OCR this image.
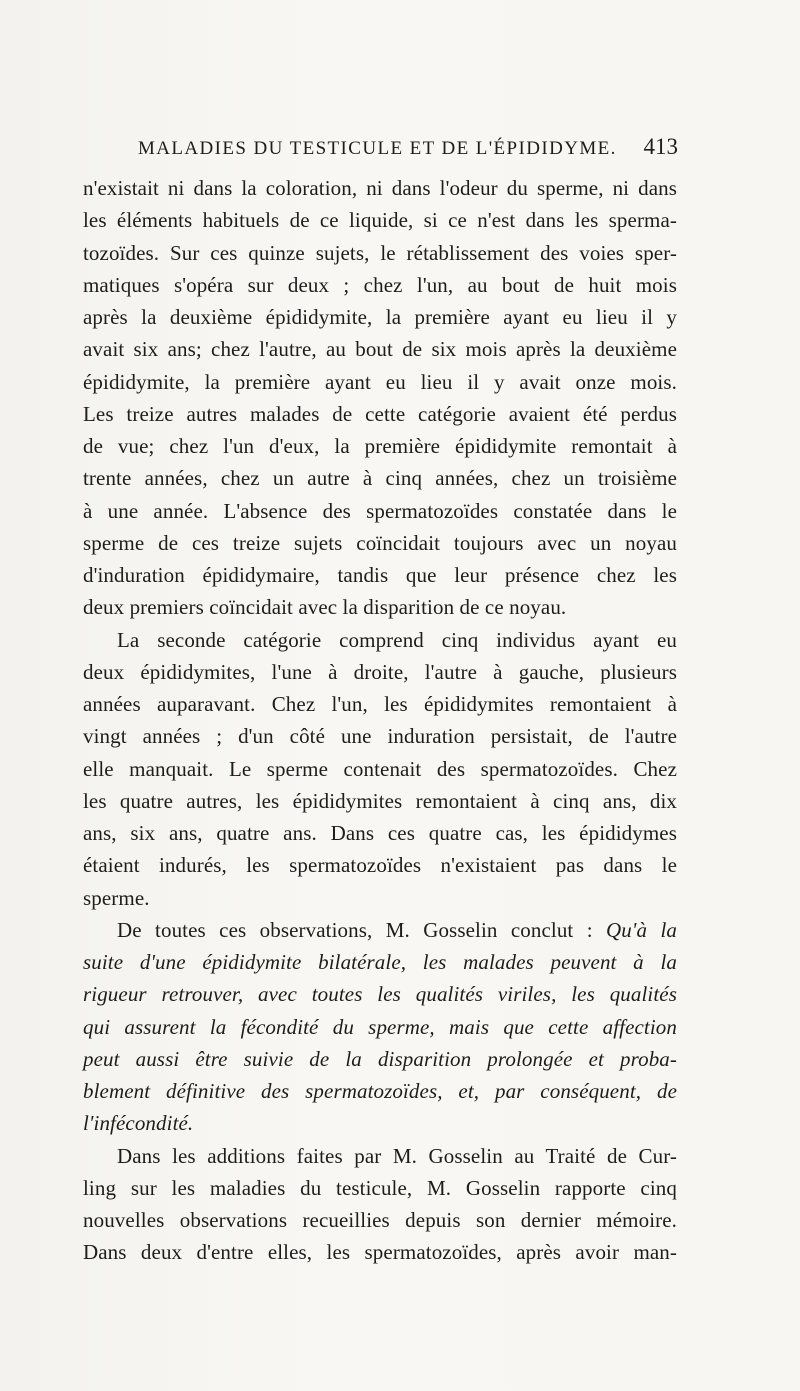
MALADIES DU TESTICULE ET DE L'ÉPIDIDYME. 413
n'existait ni dans la coloration, ni dans l'odeur du sperme, ni dans
les éléments habituels de ce liquide, si ce n'est dans les sperma-
tozoïdes. Sur ces quinze sujets, le rétablissement des voies sper-
matiques s'opéra sur deux ; chez l'un, au bout de huit mois
après la deuxième épididymite, la première ayant eu lieu il y
avait six ans; chez l'autre, au bout de six mois après la deuxième
épididymite, la première ayant eu lieu il y avait onze mois.
Les treize autres malades de cette catégorie avaient été perdus
de vue; chez l'un d'eux, la première épididymite remontait à
trente années, chez un autre à cinq années, chez un troisième
à une année. L'absence des spermatozoïdes constatée dans le
sperme de ces treize sujets coïncidait toujours avec un noyau
d'induration épididymaire, tandis que leur présence chez les
deux premiers coïncidait avec la disparition de ce noyau.
La seconde catégorie comprend cinq individus ayant eu
deux épididymites, l'une à droite, l'autre à gauche, plusieurs
années auparavant. Chez l'un, les épididymites remontaient à
vingt années ; d'un côté une induration persistait, de l'autre
elle manquait. Le sperme contenait des spermatozoïdes. Chez
les quatre autres, les épididymites remontaient à cinq ans, dix
ans, six ans, quatre ans. Dans ces quatre cas, les épididymes
étaient indurés, les spermatozoïdes n'existaient pas dans le
sperme.
De toutes ces observations, M. Gosselin conclut : Qu'à la
suite d'une épididymite bilatérale, les malades peuvent à la
rigueur retrouver, avec toutes les qualités viriles, les qualités
qui assurent la fécondité du sperme, mais que cette affection
peut aussi être suivie de la disparition prolongée et proba-
blement définitive des spermatozoïdes, et, par conséquent, de
l'infécondité.
Dans les additions faites par M. Gosselin au Traité de Cur-
ling sur les maladies du testicule, M. Gosselin rapporte cinq
nouvelles observations recueillies depuis son dernier mémoire.
Dans deux d'entre elles, les spermatozoïdes, après avoir man-
